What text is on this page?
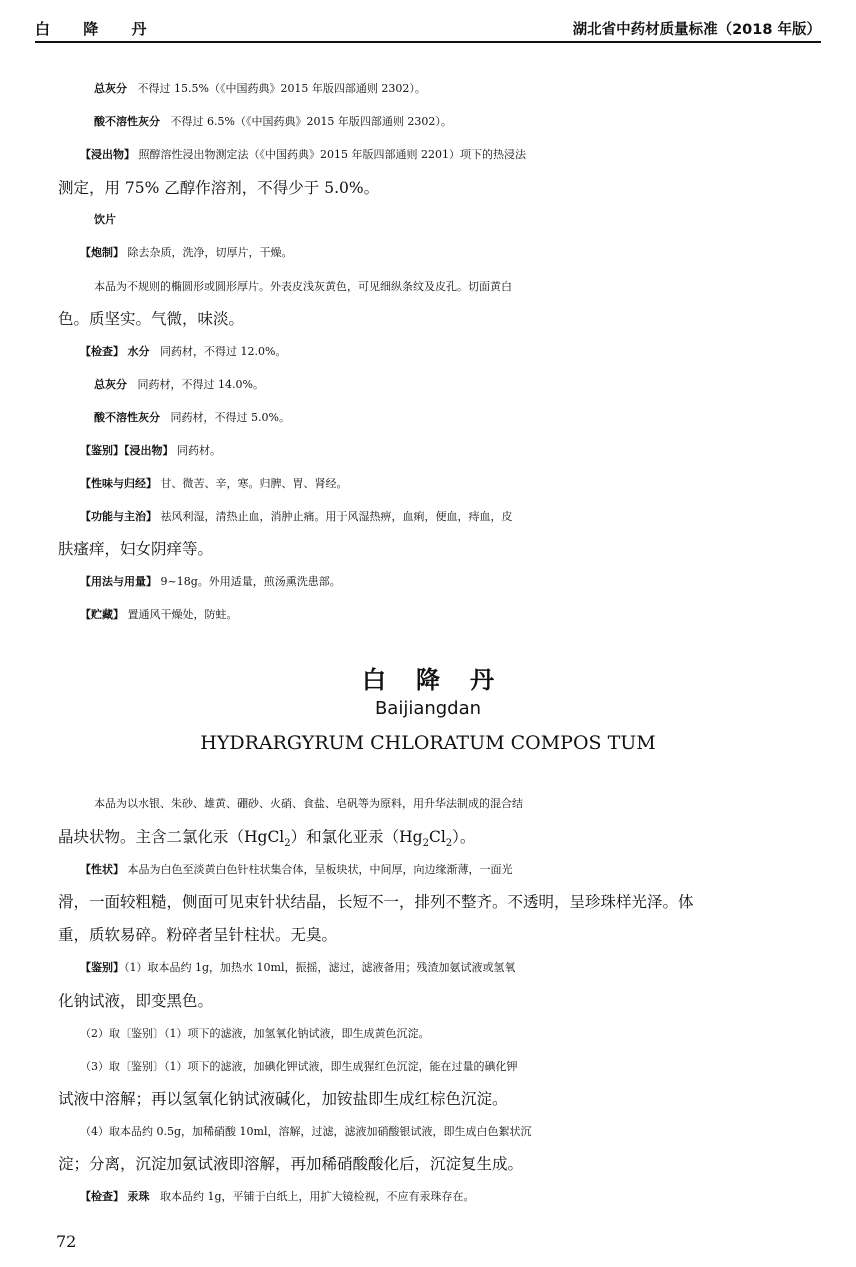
白 降 丹	湖北省中药材质量标准（2018 年版）
总灰分 不得过 15.5%（《中国药典》2015 年版四部通则 2302）。
酸不溶性灰分 不得过 6.5%（《中国药典》2015 年版四部通则 2302）。
【浸出物】 照醇溶性浸出物测定法（《中国药典》2015 年版四部通则 2201）项下的热浸法
测定，用 75% 乙醇作溶剂，不得少于 5.0%。
饮片
【炮制】 除去杂质，洗净，切厚片，干燥。
本品为不规则的椭圆形或圆形厚片。外表皮浅灰黄色，可见细纵条纹及皮孔。切面黄白
色。质坚实。气微，味淡。
【检查】 水分 同药材，不得过 12.0%。
总灰分 同药材，不得过 14.0%。
酸不溶性灰分 同药材，不得过 5.0%。
【鉴别】【浸出物】 同药材。
【性味与归经】 甘、微苦、辛，寒。归脾、胃、肾经。
【功能与主治】 祛风利湿，清热止血，消肿止痛。用于风湿热痹，血痢，便血，痔血，皮
肤瘙痒，妇女阴痒等。
【用法与用量】 9~18g。外用适量，煎汤熏洗患部。
【贮藏】 置通风干燥处，防蛀。
白降丹
Baijiangdan
HYDRARGYRUM CHLORATUM COMPOS TUM
本品为以水银、朱砂、雄黄、硼砂、火硝、食盐、皂矾等为原料，用升华法制成的混合结
晶块状物。主含二氯化汞（HgCl$_2$）和氯化亚汞$(Hg_2Cl_2)$。
【性状】 本品为白色至淡黄白色针柱状集合体，呈板块状，中间厚，向边缘渐薄，一面光
滑，一面较粗糙，侧面可见束针状结晶，长短不一，排列不整齐。不透明，呈珍珠样光泽。体
重，质软易碎。粉碎者呈针柱状。无臭。
【鉴别】（1）取本品约 1g，加热水 10ml，振摇，滤过，滤液备用；残渣加氨试液或氢氧
化钠试液，即变黑色。
（2）取〔鉴别〕（1）项下的滤液，加氢氧化钠试液，即生成黄色沉淀。
（3）取〔鉴别〕（1）项下的滤液，加碘化钾试液，即生成猩红色沉淀，能在过量的碘化钾
试液中溶解；再以氢氧化钠试液碱化，加铵盐即生成红棕色沉淀。
（4）取本品约 0.5g，加稀硝酸 10ml，溶解，过滤，滤液加硝酸银试液，即生成白色絮状沉
淀；分离，沉淀加氨试液即溶解，再加稀硝酸酸化后，沉淀复生成。
【检查】 汞珠 取本品约 1g，平铺于白纸上，用扩大镜检视，不应有汞珠存在。
72
